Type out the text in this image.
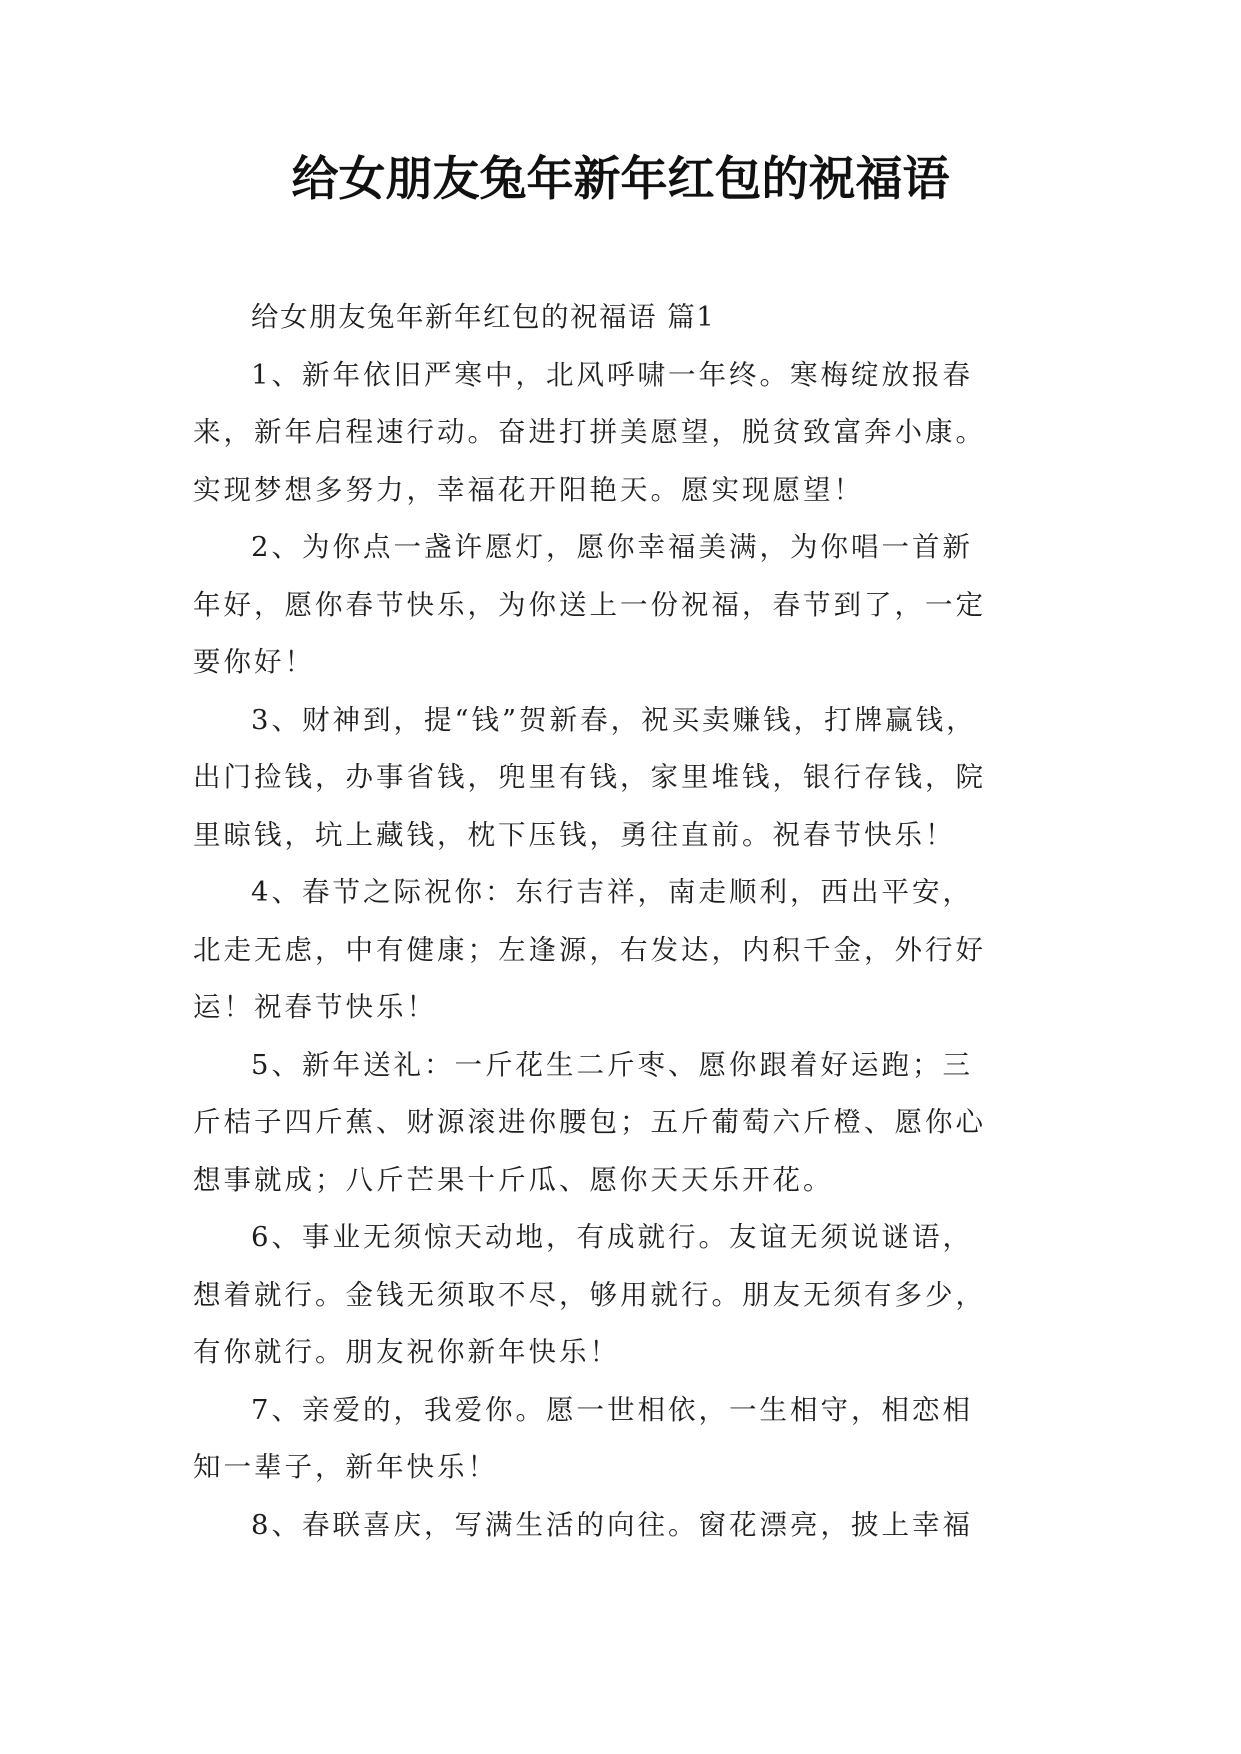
给女朋友兔年新年红包的祝福语
给女朋友兔年新年红包的祝福语 篇1
1、新年依旧严寒中，北风呼啸一年终。寒梅绽放报春
来，新年启程速行动。奋进打拼美愿望，脱贫致富奔小康。
实现梦想多努力，幸福花开阳艳天。愿实现愿望！
2、为你点一盏许愿灯，愿你幸福美满，为你唱一首新
年好，愿你春节快乐，为你送上一份祝福，春节到了，一定
要你好！
3、财神到，提“钱”贺新春，祝买卖赚钱，打牌赢钱，
出门捡钱，办事省钱，兜里有钱，家里堆钱，银行存钱，院
里晾钱，坑上藏钱，枕下压钱，勇往直前。祝春节快乐！
4、春节之际祝你：东行吉祥，南走顺利，西出平安，
北走无虑，中有健康；左逢源，右发达，内积千金，外行好
运！祝春节快乐！
5、新年送礼：一斤花生二斤枣、愿你跟着好运跑；三
斤桔子四斤蕉、财源滚进你腰包；五斤葡萄六斤橙、愿你心
想事就成；八斤芒果十斤瓜、愿你天天乐开花。
6、事业无须惊天动地，有成就行。友谊无须说谜语，
想着就行。金钱无须取不尽，够用就行。朋友无须有多少，
有你就行。朋友祝你新年快乐！
7、亲爱的，我爱你。愿一世相依，一生相守，相恋相
知一辈子，新年快乐！
8、春联喜庆，写满生活的向往。窗花漂亮，披上幸福
